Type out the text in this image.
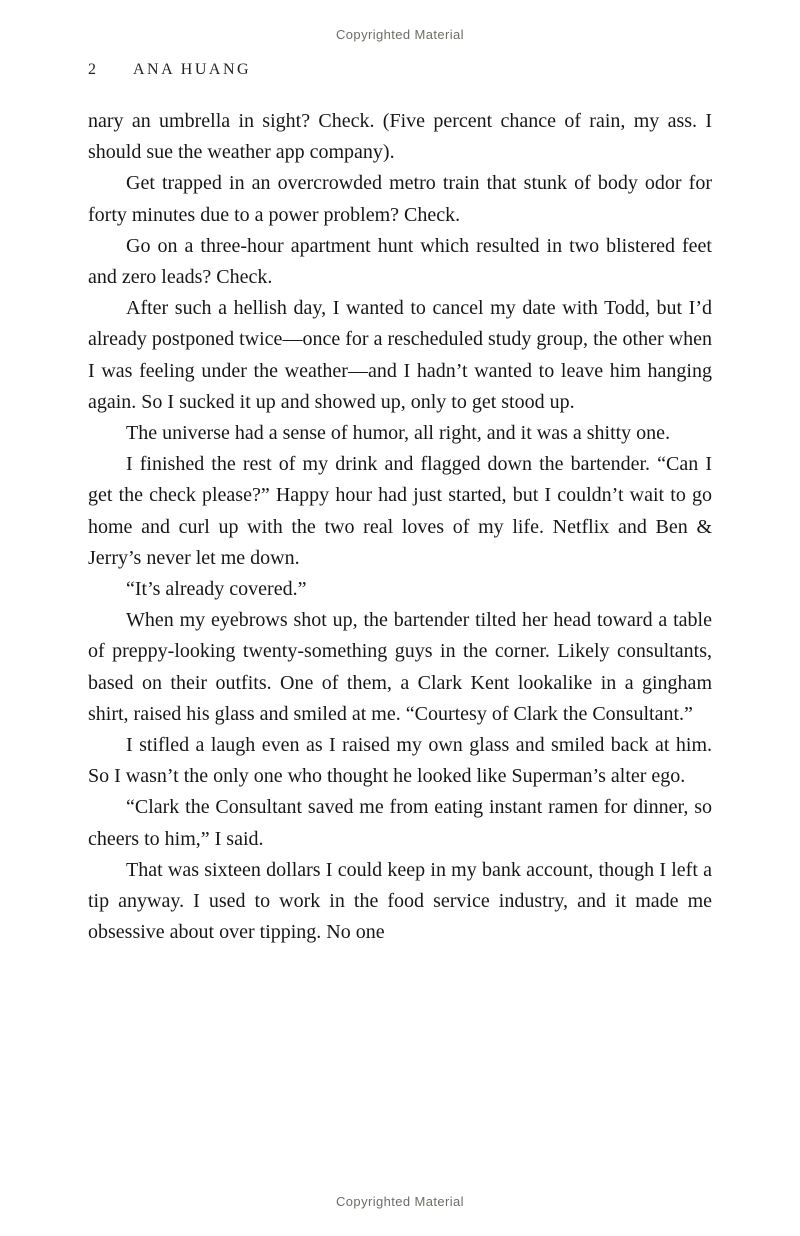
Copyrighted Material
2 ANA HUANG

nary an umbrella in sight? Check. (Five percent chance of rain, my ass. I should sue the weather app company).

Get trapped in an overcrowded metro train that stunk of body odor for forty minutes due to a power problem? Check.

Go on a three-hour apartment hunt which resulted in two blistered feet and zero leads? Check.

After such a hellish day, I wanted to cancel my date with Todd, but I’d already postponed twice—once for a rescheduled study group, the other when I was feeling under the weather—and I hadn’t wanted to leave him hanging again. So I sucked it up and showed up, only to get stood up.

The universe had a sense of humor, all right, and it was a shitty one.

I finished the rest of my drink and flagged down the bartender. “Can I get the check please?” Happy hour had just started, but I couldn’t wait to go home and curl up with the two real loves of my life. Netflix and Ben & Jerry’s never let me down.

“It’s already covered.”

When my eyebrows shot up, the bartender tilted her head toward a table of preppy-looking twenty-something guys in the corner. Likely consultants, based on their outfits. One of them, a Clark Kent lookalike in a gingham shirt, raised his glass and smiled at me. “Courtesy of Clark the Consultant.”

I stifled a laugh even as I raised my own glass and smiled back at him. So I wasn’t the only one who thought he looked like Superman’s alter ego.

“Clark the Consultant saved me from eating instant ramen for dinner, so cheers to him,” I said.

That was sixteen dollars I could keep in my bank account, though I left a tip anyway. I used to work in the food service industry, and it made me obsessive about over tipping. No one

Copyrighted Material
